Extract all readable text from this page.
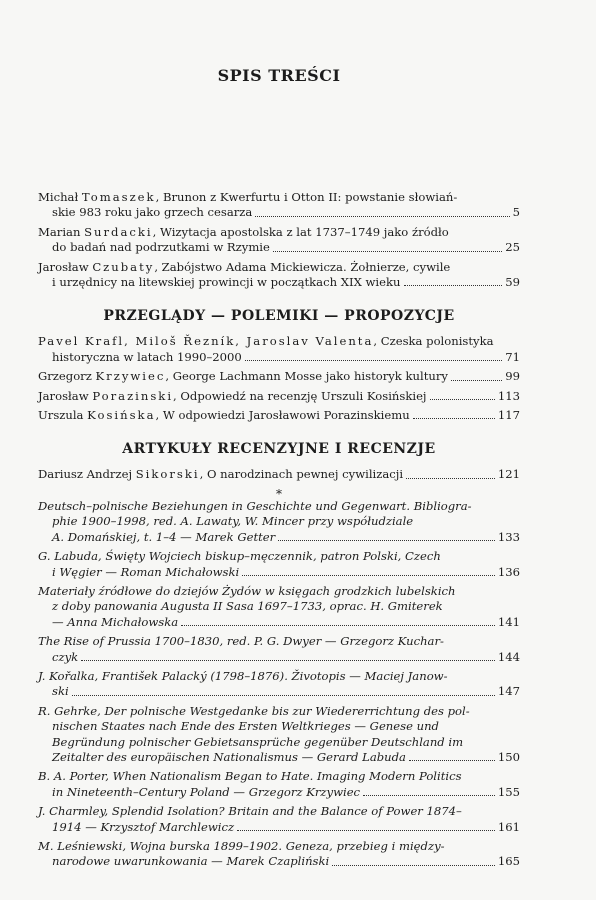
SPIS TREŚCI
Michał Tomaszek, Brunon z Kwerfurtu i Otton II: powstanie słowiań-
skie 983 roku jako grzech cesarza	5
Marian Surdacki, Wizytacja apostolska z lat 1737–1749 jako źródło
do badań nad podrzutkami w Rzymie	25
Jarosław Czubaty, Zabójstwo Adama Mickiewicza. Żołnierze, cywile
i urzędnicy na litewskiej prowincji w początkach XIX wieku	59
PRZEGLĄDY — POLEMIKI — PROPOZYCJE
Pavel Krafl, Miloš Řezník, Jaroslav Valenta, Czeska polonistyka
historyczna w latach 1990–2000	71
Grzegorz Krzywiec, George Lachmann Mosse jako historyk kultury	99
Jarosław Porazinski, Odpowiedź na recenzję Urszuli Kosińskiej	113
Urszula Kosińska, W odpowiedzi Jarosławowi Porazinskiemu	117
ARTYKUŁY RECENZYJNE I RECENZJE
Dariusz Andrzej Sikorski, O narodzinach pewnej cywilizacji	121
*
Deutsch–polnische Beziehungen in Geschichte und Gegenwart. Bibliogra-
phie 1900–1998, red. A. Lawaty, W. Mincer przy współudziale
A. Domańskiej, t. 1–4 — Marek Getter	133
G. Labuda, Święty Wojciech biskup–męczennik, patron Polski, Czech
i Węgier — Roman Michałowski	136
Materiały źródłowe do dziejów Żydów w księgach grodzkich lubelskich
z doby panowania Augusta II Sasa 1697–1733, oprac. H. Gmiterek
— Anna Michałowska	141
The Rise of Prussia 1700–1830, red. P. G. Dwyer — Grzegorz Kuchar-
czyk	144
J. Kořalka, František Palacký (1798–1876). Životopis — Maciej Janow-
ski	147
R. Gehrke, Der polnische Westgedanke bis zur Wiedererrichtung des pol-
nischen Staates nach Ende des Ersten Weltkrieges — Genese und
Begründung polnischer Gebietsansprüche gegenüber Deutschland im
Zeitalter des europäischen Nationalismus — Gerard Labuda	150
B. A. Porter, When Nationalism Began to Hate. Imaging Modern Politics
in Nineteenth–Century Poland — Grzegorz Krzywiec	155
J. Charmley, Splendid Isolation? Britain and the Balance of Power 1874–
1914 — Krzysztof Marchlewicz	161
M. Leśniewski, Wojna burska 1899–1902. Geneza, przebieg i między-
narodowe uwarunkowania — Marek Czapliński	165
